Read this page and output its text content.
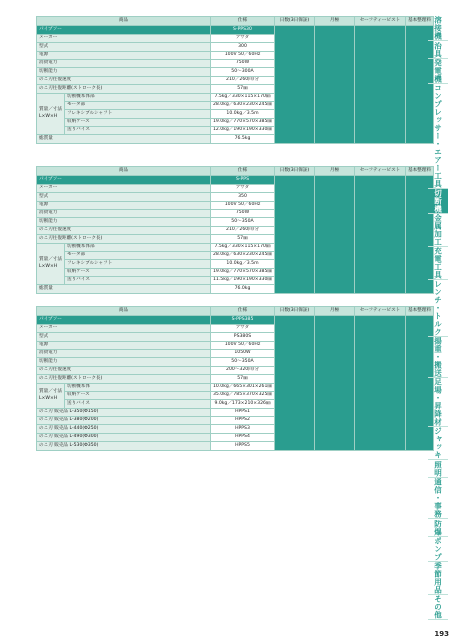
商品		仕様	日数(3日保証)	月極	セーフティーピスト	基本整理料
パイプソー		S-PPS30				
メーカー		アサダ				
型式		300				
電源		100V 50／60Hz				
消費電力		750W				
切断能力		50〜300A				
のこ刃往復速度		210／260回/分				
のこ刃往復距離(ストローク長)		57㎜				

質量／寸法
L×W×H	切断機本体部	7.5kg／330×115×170㎜				
	モータ部	28.0kg／630×230×245㎜				
	フレキシブルシャフト	10.0kg／3.5m				
	収納ケース	19.0kg／770×570×385㎜				
	送りバイス	12.0kg／190×190×330㎜				
総質量		76.5kg				
商品		仕様	日数(3日保証)	月極	セーフティーピスト	基本整理料
パイプソー		S-PPS				
メーカー		アサダ				
型式		350				
電源		100V 50／60Hz				
消費電力		750W				
切断能力		50〜350A				
のこ刃往復速度		210／260回/分				
のこ刃往復距離(ストローク長)		57㎜				

質量／寸法
L×W×H	切断機本体部	7.5kg／330×115×170㎜				
	モータ部	28.0kg／630×230×245㎜				
	フレキシブルシャフト	10.0kg／3.5m				
	収納ケース	19.0kg／770×570×385㎜				
	送りバイス	11.5kg／190×190×330㎜				
総質量		76.0kg				
商品		仕様	日数(3日保証)	月極	セーフティーピスト	基本整理料
パイプソー		S-PPS385				
メーカー		アサダ				
型式		PS380S				
電源		100V 50／60Hz				
消費電力		1050W				
切断能力		50〜350A				
のこ刃往復速度		200〜320回/分				
のこ刃往復距離(ストローク長)		57㎜				

質量／寸法
L×W×H	切断機本体	10.0kg／665×301×261㎜				
	収納ケース	35.0kg／785×370×325㎜				
	送りバイス	9.0kg／173×210×326㎜				
のこ刃 販売品 L-350(Φ150)		HPPS1				
のこ刃 販売品 L-380(Φ200)		HPPS2				
のこ刃 販売品 L-440(Φ250)		HPPS3				
のこ刃 販売品 L-490(Φ300)		HPPS4				
のこ刃 販売品 L-530(Φ350)		HPPS5				
溶接機
治具
発電機
コンプレッサー・エアー工具
切断機
金属加工
充電工具
レンチ・トルク
揚重・搬送
足場・昇降材
ジャッキ
照明
通信・事務
防爆
ポンプ
季節用品
その他
193
